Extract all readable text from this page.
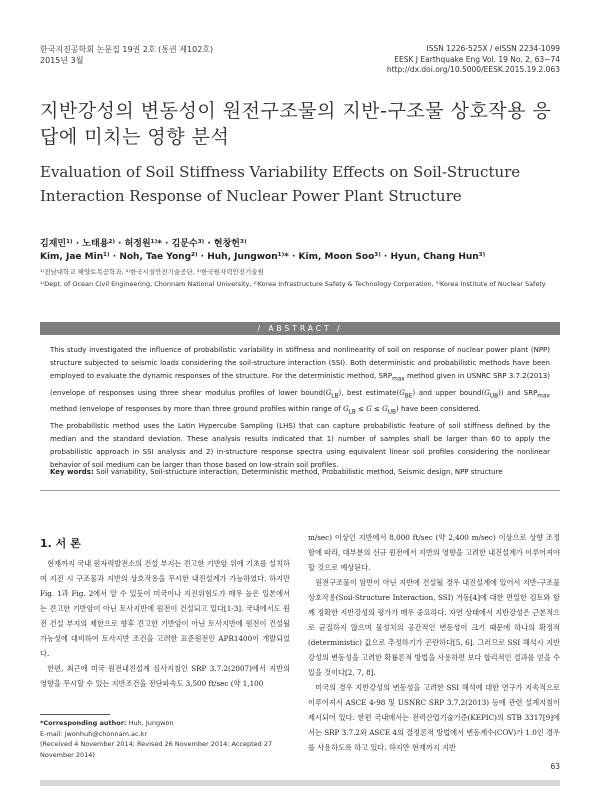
한국지진공학회 논문집 19권 2호 (통권 제102호)
2015년 3월
ISSN 1226-525X / eISSN 2234-1099
EESK J Earthquake Eng Vol. 19 No. 2, 63~74
http://dx.doi.org/10.5000/EESK.2015.19.2.063
지반강성의 변동성이 원전구조물의 지반-구조물 상호작용 응답에 미치는 영향 분석
Evaluation of Soil Stiffness Variability Effects on Soil-Structure Interaction Response of Nuclear Power Plant Structure
김재민¹⁾ · 노태용²⁾ · 허정원¹⁾* · 김문수³⁾ · 현창헌³⁾
Kim, Jae Min¹⁾ · Noh, Tae Yong²⁾ · Huh, Jungwon¹⁾* · Kim, Moon Soo³⁾ · Hyun, Chang Hun³⁾
¹⁾전남대학교 해양토목공학과, ²⁾한국시설안전기술공단, ³⁾한국원자력안전기술원
¹⁾Dept. of Ocean Civil Engineering, Chonnam National University, ²⁾Korea Infrastructure Safety & Technology Corporation, ³⁾Korea Institute of Nuclear Safety
/ ABSTRACT /

This study investigated the influence of probabilistic variability in stiffness and nonlinearity of soil on response of nuclear power plant (NPP) structure subjected to seismic loads considering the soil-structure interaction (SSI). Both deterministic and probabilistic methods have been employed to evaluate the dynamic responses of the structure. For the deterministic method, $SRP_{max}$ method given in USNRC SRP 3.7.2(2013) (envelope of responses using three shear modulus profiles of lower $bound(G_{LB})$, best $estimate(G_{BE})$ and upper $bound(G_{UB})$) and $SRP_{max}$ method (envelope of responses by more than three ground profiles within range of $G_{LB} \le G \le G_{UB}$) have been considered.

The probabilistic method uses the Latin Hypercube Sampling (LHS) that can capture probabilistic feature of soil stiffness defined by the median and the standard deviation. These analysis results indicated that 1) number of samples shall be larger than 60 to apply the probabilistic approach in SSI analysis and 2) in-structure response spectra using equivalent linear soil profiles considering the nonlinear behavior of soil medium can be larger than those based on low-strain soil profiles.

Key words: Soil variability, Soil-structure interaction, Deterministic method, Probabilistic method, Seismic design, NPP structure
1. 서 론

현재까지 국내 원자력발전소의 건설 부지는 견고한 기반암 위에 기초를 설치하여 지진 시 구조물과 지반의 상호작용을 무시한 내진설계가 가능하였다. 하지만 Fig. 1과 Fig. 2에서 알 수 있듯이 미국이나 지진위험도가 매우 높은 일본에서는 견고한 기반암이 아닌 토사지반에 원전이 건설되고 있다[1-3]. 국내에서도 원전 건설 부지의 제한으로 향후 견고한 기반암이 아닌 토사지반에 원전이 건설될 가능성에 대비하여 토사지반 조건을 고려한 표준원전인 APR1400이 개발되었다.

한편, 최근에 미국 원전내진설계 심사지침인 SRP 3.7.2(2007)에서 지반의 영향을 무시할 수 있는 지반조건을 전단파속도 3,500 ft/sec (약 1,100

m/sec) 이상인 지반에서 8,000 ft/sec (약 2,400 m/sec) 이상으로 상향 조정함에 따라, 대부분의 신규 원전에서 지반의 영향을 고려한 내진설계가 이루어져야 할 것으로 예상된다.

원전구조물이 암반이 아닌 지반에 건설될 경우 내진설계에 있어서 지반-구조물 상호작용(Soil-Structure Interaction, SSI) 거동[4]에 대한 면밀한 검토와 함께 정확한 지반강성의 평가가 매우 중요하다. 자연 상태에서 지반강성은 근본적으로 균질하지 않으며 물성치의 공간적인 변동성이 크기 때문에 하나의 확정적(deterministic) 값으로 추정하기가 곤란하다[5, 6]. 그러므로 SSI 해석시 지반강성의 변동성을 고려한 확률론적 방법을 사용하면 보다 합리적인 결과를 얻을 수 있을 것이다[2, 7, 8].

미국의 경우 지반강성의 변동성을 고려한 SSI 해석에 대한 연구가 지속적으로 이루어져서 ASCE 4-98 및 USNRC SRP 3.7.2(2013) 등에 관련 설계지침이 제시되어 있다. 한편 국내에서는 전력산업기술기준(KEPIC)의 STB 3317[9]에서는 SRP 3.7.2와 ASCE 4의 결정론적 방법에서 변동계수(COV)가 1.0인 경우를 사용하도록 하고 있다. 하지만 현재까지 지반

*Corresponding author: Huh, Jungwon
E-mail: jwonhuh@chonnam.ac.kr
(Received 4 November 2014; Revised 26 November 2014; Accepted 27 November 2014)
63
